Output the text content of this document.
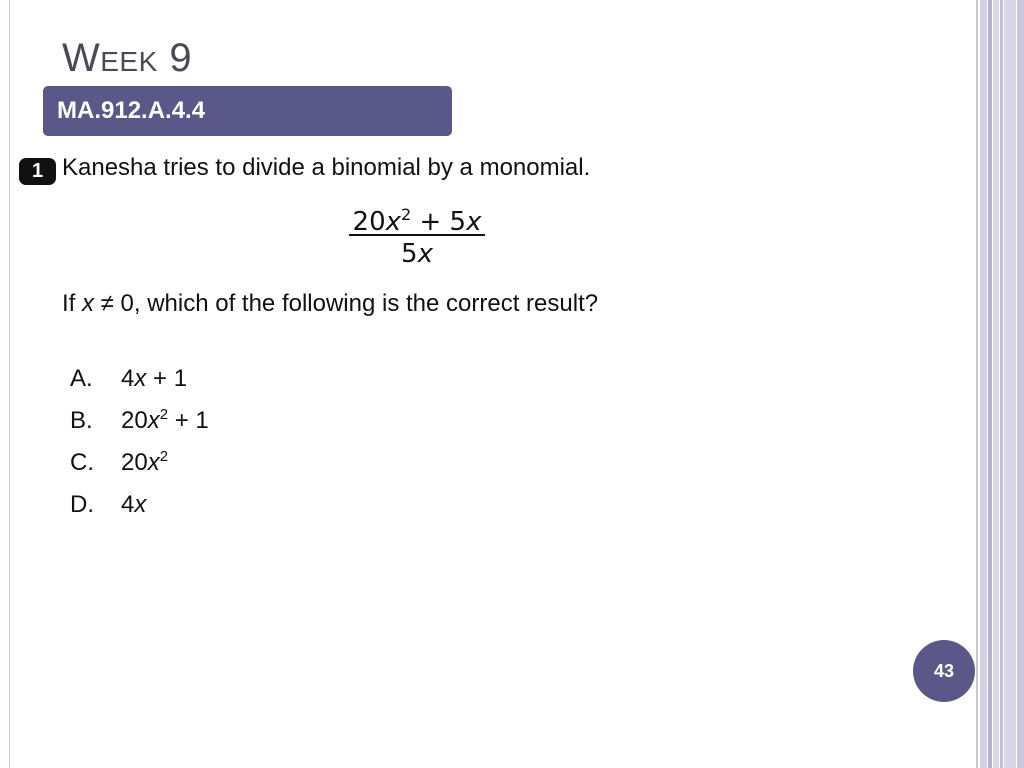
Week 9
MA.912.A.4.4
1 Kanesha tries to divide a binomial by a monomial.
$20x^2 + 5x$
5x
If x ≠ 0, which of the following is the correct result?
A. 4x + 1
B. $20x^2 + 1$
C. $20x^2$
D. 4x
43
